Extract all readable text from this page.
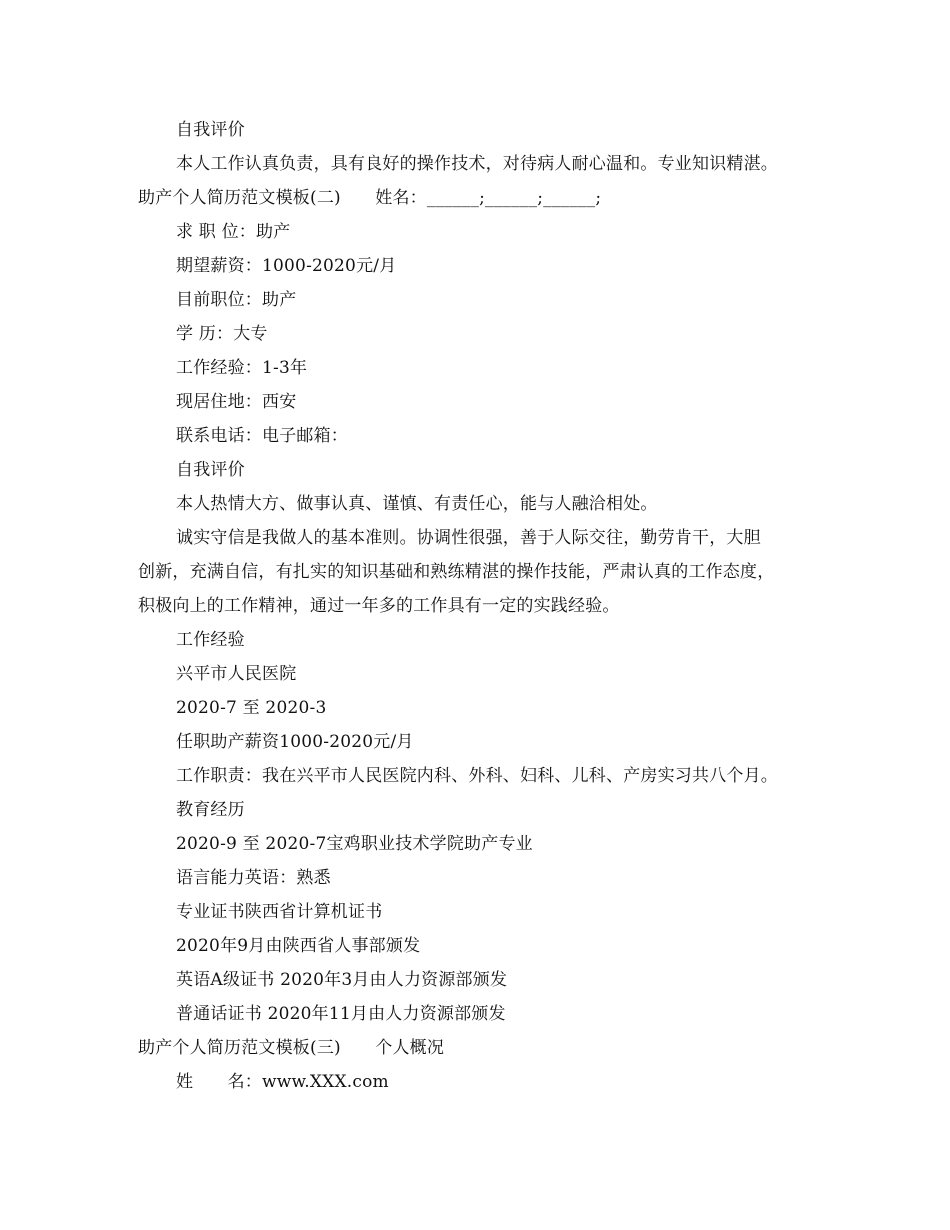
自我评价
本人工作认真负责，具有良好的操作技术，对待病人耐心温和。专业知识精湛。
助产个人简历范文模板(二)　　姓名：______;______;______;
求 职 位：助产
期望薪资：1000-2020元/月
目前职位：助产
学 历：大专
工作经验：1-3年
现居住地：西安
联系电话：电子邮箱：
自我评价
本人热情大方、做事认真、谨慎、有责任心，能与人融洽相处。
诚实守信是我做人的基本准则。协调性很强，善于人际交往，勤劳肯干，大胆
创新，充满自信，有扎实的知识基础和熟练精湛的操作技能，严肃认真的工作态度，
积极向上的工作精神，通过一年多的工作具有一定的实践经验。
工作经验
兴平市人民医院
2020-7 至 2020-3
任职助产薪资1000-2020元/月
工作职责：我在兴平市人民医院内科、外科、妇科、儿科、产房实习共八个月。
教育经历
2020-9 至 2020-7宝鸡职业技术学院助产专业
语言能力英语：熟悉
专业证书陕西省计算机证书
2020年9月由陕西省人事部颁发
英语A级证书 2020年3月由人力资源部颁发
普通话证书 2020年11月由人力资源部颁发
助产个人简历范文模板(三)　　个人概况
姓　　名：www.XXX.com
